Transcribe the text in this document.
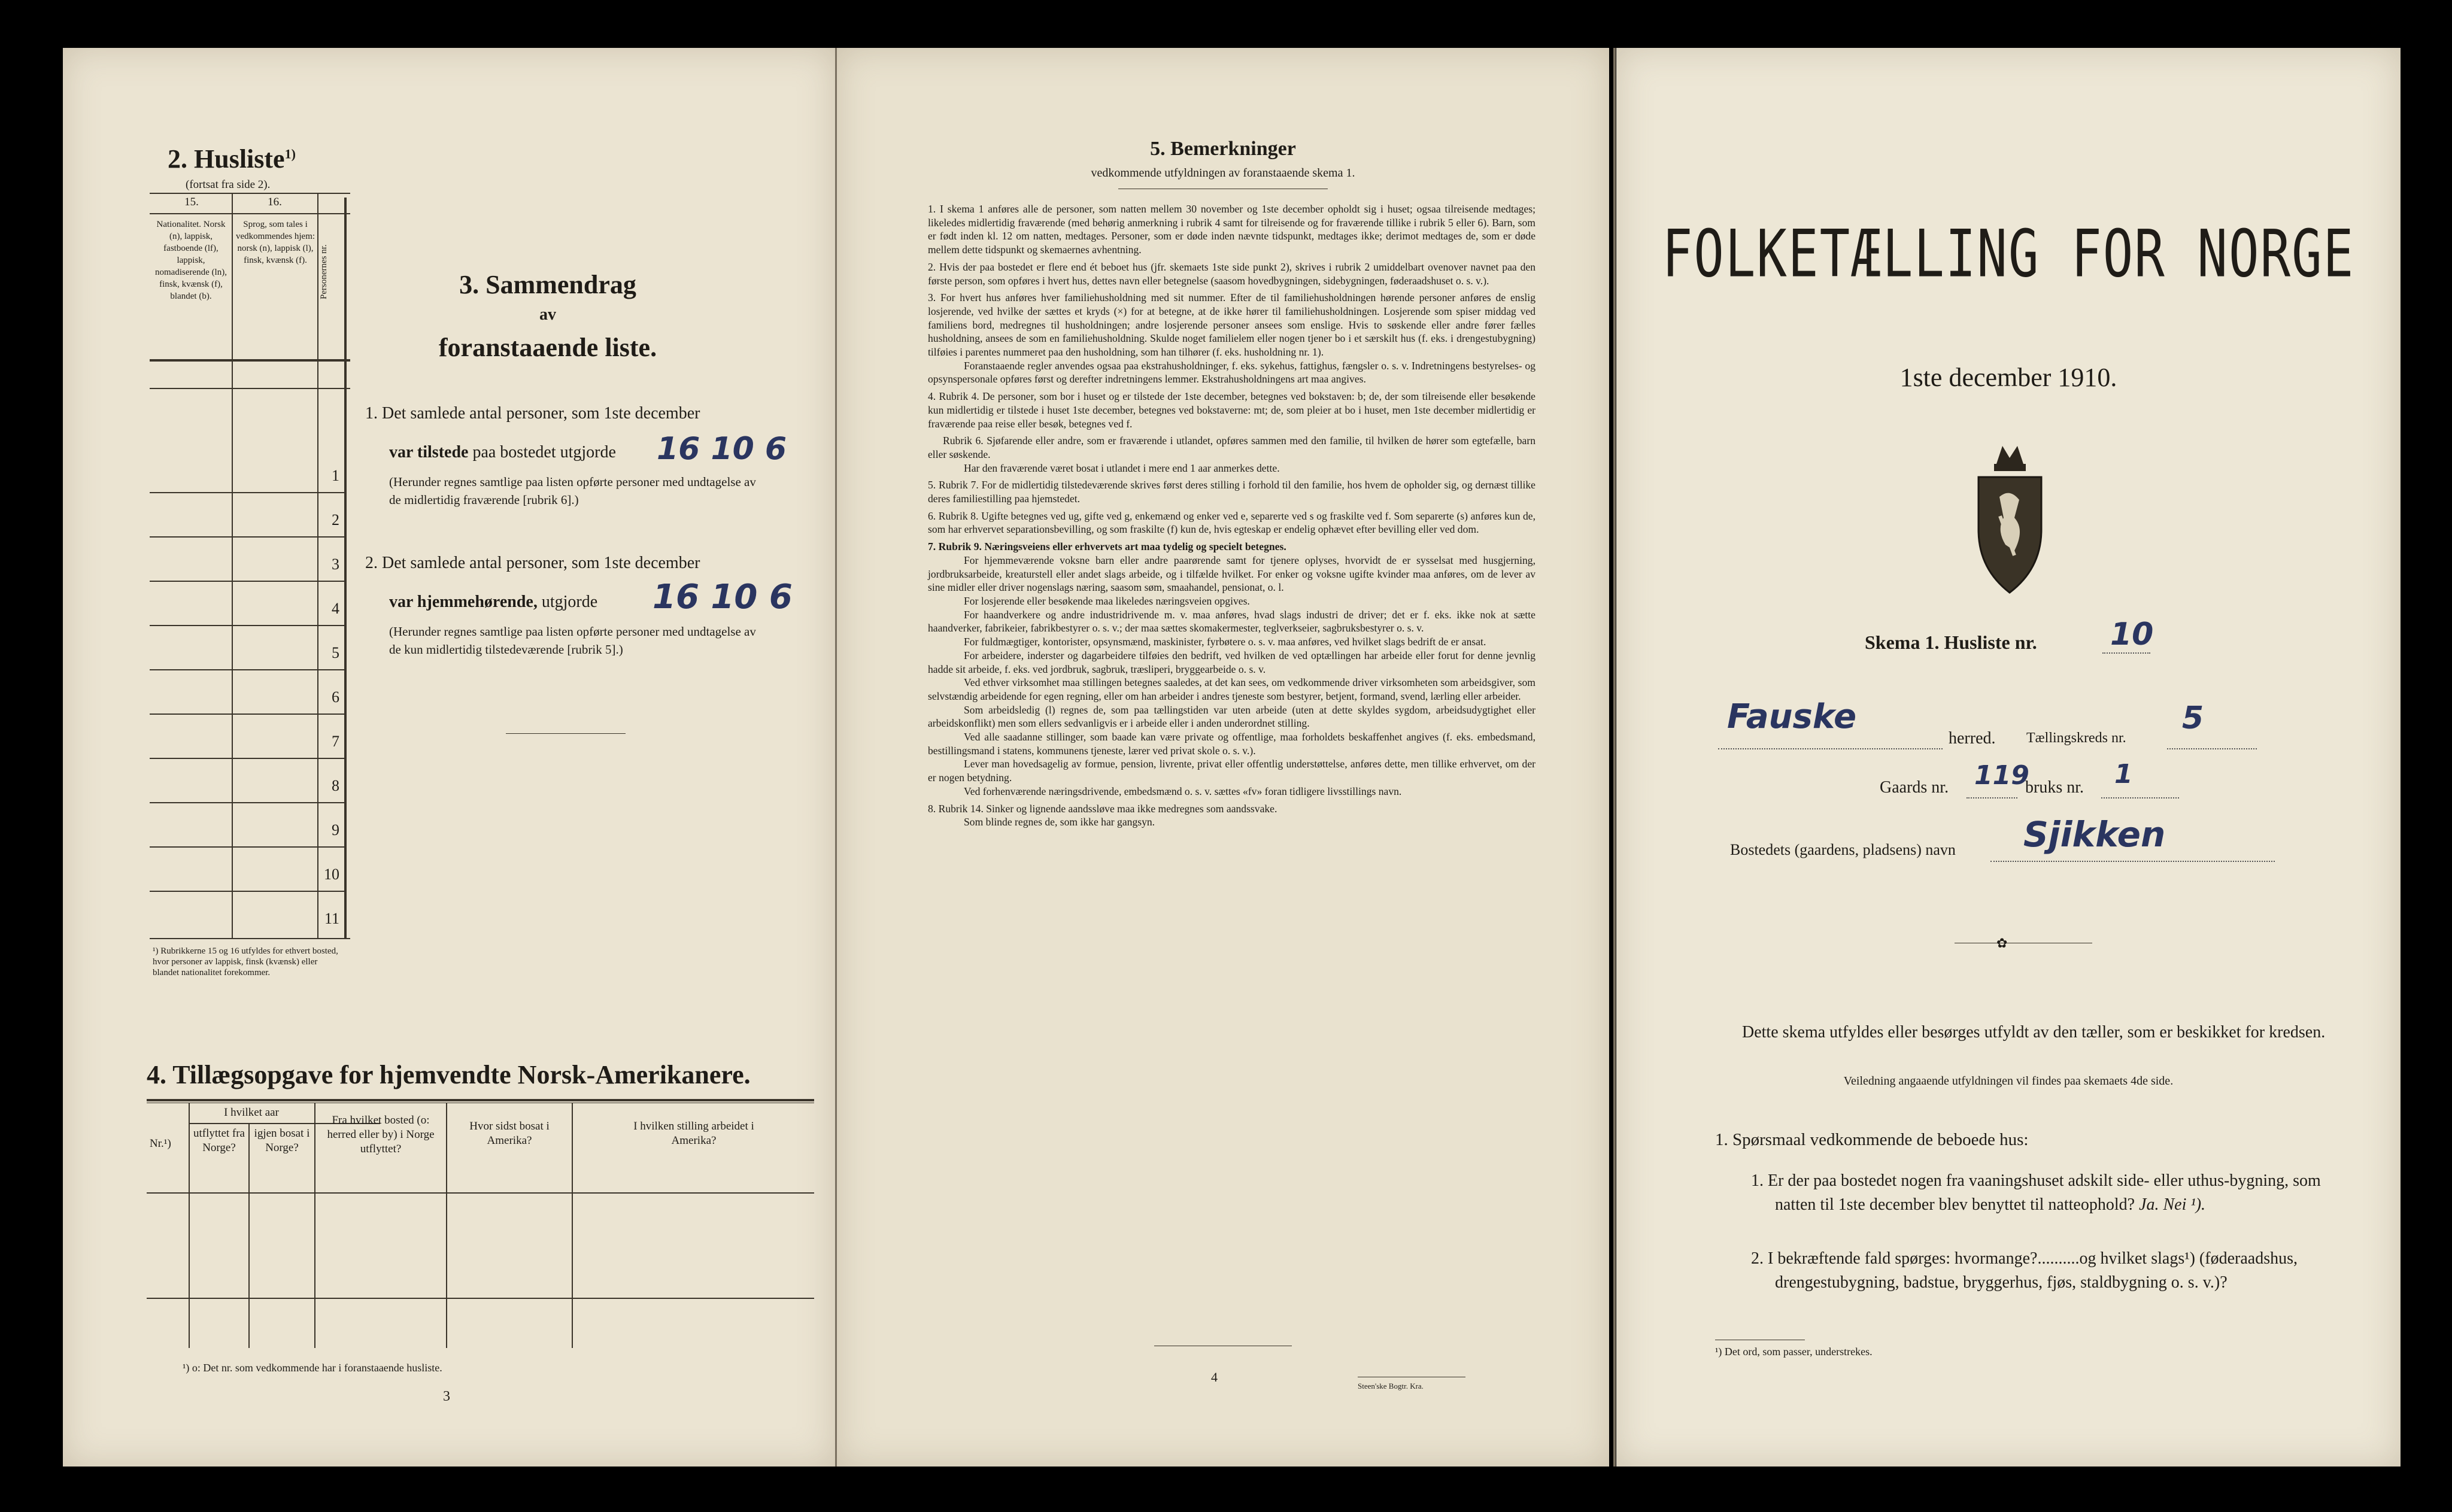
2. Husliste$^{1)}$
(fortsat fra side 2).
15.	16.
Nationalitet. Norsk (n), lappisk, fastboende (lf), lappisk, nomadiserende (ln), finsk, kvænsk (f), blandet (b).
Sprog, som tales i vedkommendes hjem: norsk (n), lappisk (l), finsk, kvænsk (f).	Personernes nr.
1
2
3
4
5
6
7
8
9
10
11
¹) Rubrikkerne 15 og 16 utfyldes for ethvert bosted, hvor personer av lappisk, finsk (kvænsk) eller blandet nationalitet forekommer.
3. Sammendrag
av
foranstaaende liste.
1. Det samlede antal personer, som 1ste december
var tilstede paa bostedet utgjorde 16 10 6
(Herunder regnes samtlige paa listen opførte personer med undtagelse av de midlertidig fraværende [rubrik 6].)
2. Det samlede antal personer, som 1ste december
var hjemmehørende, utgjorde 16 10 6
(Herunder regnes samtlige paa listen opførte personer med undtagelse av de kun midlertidig tilstedeværende [rubrik 5].)
4. Tillægsopgave for hjemvendte Norsk-Amerikanere.
Nr.¹)
I hvilket aar
utflyttet fra Norge?
igjen bosat i Norge?
Fra hvilket bosted (o: herred eller by) i Norge utflyttet?
Hvor sidst bosat i Amerika?
I hvilken stilling arbeidet i Amerika?
¹) o: Det nr. som vedkommende har i foranstaaende husliste.
3
5. Bemerkninger
vedkommende utfyldningen av foranstaaende skema 1.

1. I skema 1 anføres alle de personer, som natten mellem 30 november og 1ste december opholdt sig i huset; ogsaa tilreisende medtages; likeledes midlertidig fraværende (med behørig anmerkning i rubrik 4 samt for tilreisende og for fraværende tillike i rubrik 5 eller 6). Barn, som er født inden kl. 12 om natten, medtages. Personer, som er døde inden nævnte tidspunkt, medtages ikke; derimot medtages de, som er døde mellem dette tidspunkt og skemaernes avhentning.

2. Hvis der paa bostedet er flere end ét beboet hus (jfr. skemaets 1ste side punkt 2), skrives i rubrik 2 umiddelbart ovenover navnet paa den første person, som opføres i hvert hus, dettes navn eller betegnelse (saasom hovedbygningen, sidebygningen, føderaadshuset o. s. v.).

3. For hvert hus anføres hver familiehusholdning med sit nummer. Efter de til familiehusholdningen hørende personer anføres de enslig losjerende, ved hvilke der sættes et kryds (×) for at betegne, at de ikke hører til familiehusholdningen. Losjerende som spiser middag ved familiens bord, medregnes til husholdningen; andre losjerende personer ansees som enslige. Hvis to søskende eller andre fører fælles husholdning, ansees de som en familiehusholdning. Skulde noget familielem eller nogen tjener bo i et særskilt hus (f. eks. i drengestubygning) tilføies i parentes nummeret paa den husholdning, som han tilhører (f. eks. husholdning nr. 1).

Foranstaaende regler anvendes ogsaa paa ekstrahusholdninger, f. eks. sykehus, fattighus, fængsler o. s. v. Indretningens bestyrelses- og opsynspersonale opføres først og derefter indretningens lemmer. Ekstrahusholdningens art maa angives.

4. Rubrik 4. De personer, som bor i huset og er tilstede der 1ste december, betegnes ved bokstaven: b; de, der som tilreisende eller besøkende kun midlertidig er tilstede i huset 1ste december, betegnes ved bokstaverne: mt; de, som pleier at bo i huset, men 1ste december midlertidig er fraværende paa reise eller besøk, betegnes ved f.

Rubrik 6. Sjøfarende eller andre, som er fraværende i utlandet, opføres sammen med den familie, til hvilken de hører som egtefælle, barn eller søskende.

Har den fraværende været bosat i utlandet i mere end 1 aar anmerkes dette.

5. Rubrik 7. For de midlertidig tilstedeværende skrives først deres stilling i forhold til den familie, hos hvem de opholder sig, og dernæst tillike deres familiestilling paa hjemstedet.

6. Rubrik 8. Ugifte betegnes ved ug, gifte ved g, enkemænd og enker ved e, separerte ved s og fraskilte ved f. Som separerte (s) anføres kun de, som har erhvervet separationsbevilling, og som fraskilte (f) kun de, hvis egteskap er endelig ophævet efter bevilling eller ved dom.

7. Rubrik 9. Næringsveiens eller erhvervets art maa tydelig og specielt betegnes.

For hjemmeværende voksne barn eller andre paarørende samt for tjenere oplyses, hvorvidt de er sysselsat med husgjerning, jordbruksarbeide, kreaturstell eller andet slags arbeide, og i tilfælde hvilket. For enker og voksne ugifte kvinder maa anføres, om de lever av sine midler eller driver nogenslags næring, saasom søm, smaahandel, pensionat, o. l.

For losjerende eller besøkende maa likeledes næringsveien opgives.

For haandverkere og andre industridrivende m. v. maa anføres, hvad slags industri de driver; det er f. eks. ikke nok at sætte haandverker, fabrikeier, fabrikbestyrer o. s. v.; der maa sættes skomakermester, teglverkseier, sagbruksbestyrer o. s. v.

For fuldmægtiger, kontorister, opsynsmænd, maskinister, fyrbøtere o. s. v. maa anføres, ved hvilket slags bedrift de er ansat.

For arbeidere, inderster og dagarbeidere tilføies den bedrift, ved hvilken de ved optællingen har arbeide eller forut for denne jevnlig hadde sit arbeide, f. eks. ved jordbruk, sagbruk, træsliperi, bryggearbeide o. s. v.

Ved ethver virksomhet maa stillingen betegnes saaledes, at det kan sees, om vedkommende driver virksomheten som arbeidsgiver, som selvstændig arbeidende for egen regning, eller om han arbeider i andres tjeneste som bestyrer, betjent, formand, svend, lærling eller arbeider.

Som arbeidsledig (l) regnes de, som paa tællingstiden var uten arbeide (uten at dette skyldes sygdom, arbeidsudygtighet eller arbeidskonflikt) men som ellers sedvanligvis er i arbeide eller i anden underordnet stilling.

Ved alle saadanne stillinger, som baade kan være private og offentlige, maa forholdets beskaffenhet angives (f. eks. embedsmand, bestillingsmand i statens, kommunens tjeneste, lærer ved privat skole o. s. v.).

Lever man hovedsagelig av formue, pension, livrente, privat eller offentlig understøttelse, anføres dette, men tillike erhvervet, om der er nogen betydning.

Ved forhenværende næringsdrivende, embedsmænd o. s. v. sættes «fv» foran tidligere livsstillings navn.

8. Rubrik 14. Sinker og lignende aandssløve maa ikke medregnes som aandssvake.

Som blinde regnes de, som ikke har gangsyn.

4
Steen'ske Bogtr. Kra.
FOLKETÆLLING FOR NORGE
1ste december 1910.
Skema 1. Husliste nr. 10
Fauske
herred. Tællingskreds nr.
5
Gaards nr. 119
bruks nr. 1
Bostedets (gaardens, pladsens) navn Sjikken
✿
Dette skema utfyldes eller besørges utfyldt av den tæller, som er beskikket for kredsen.
Veiledning angaaende utfyldningen vil findes paa skemaets 4de side.
1. Spørsmaal vedkommende de beboede hus:
1. Er der paa bostedet nogen fra vaaningshuset adskilt side- eller uthus-bygning, som natten til 1ste december blev benyttet til natteophold? Ja. Nei ¹).
2. I bekræftende fald spørges: hvormange?..........og hvilket slags¹) (føderaadshus, drengestubygning, badstue, bryggerhus, fjøs, staldbygning o. s. v.)?
¹) Det ord, som passer, understrekes.
